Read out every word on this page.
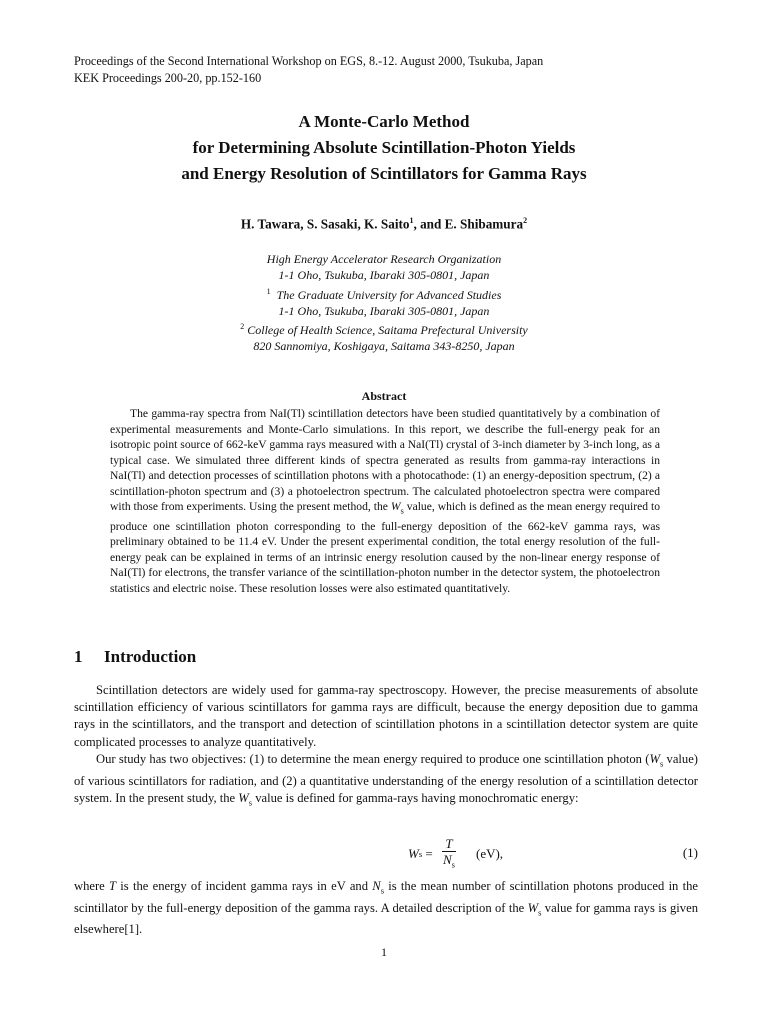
Proceedings of the Second International Workshop on EGS, 8.-12. August 2000, Tsukuba, Japan
KEK Proceedings 200-20, pp.152-160
A Monte-Carlo Method
for Determining Absolute Scintillation-Photon Yields
and Energy Resolution of Scintillators for Gamma Rays
H. Tawara, S. Sasaki, K. Saito$^1$, and E. Shibamura$^2$
High Energy Accelerator Research Organization
1-1 Oho, Tsukuba, Ibaraki 305-0801, Japan
$^1$ The Graduate University for Advanced Studies
1-1 Oho, Tsukuba, Ibaraki 305-0801, Japan
$^2$ College of Health Science, Saitama Prefectural University
820 Sannomiya, Koshigaya, Saitama 343-8250, Japan
Abstract

The gamma-ray spectra from NaI(Tl) scintillation detectors have been studied quantitatively by a combination of experimental measurements and Monte-Carlo simulations. In this report, we describe the full-energy peak for an isotropic point source of 662-keV gamma rays measured with a NaI(Tl) crystal of 3-inch diameter by 3-inch long, as a typical case. We simulated three different kinds of spectra generated as results from gamma-ray interactions in NaI(Tl) and detection processes of scintillation photons with a photocathode: (1) an energy-deposition spectrum, (2) a scintillation-photon spectrum and (3) a photoelectron spectrum. The calculated photoelectron spectra were compared with those from experiments. Using the present method, the $W_s$ value, which is defined as the mean energy required to produce one scintillation photon corresponding to the full-energy deposition of the 662-keV gamma rays, was preliminary obtained to be 11.4 eV. Under the present experimental condition, the total energy resolution of the full-energy peak can be explained in terms of an intrinsic energy resolution caused by the non-linear energy response of NaI(Tl) for electrons, the transfer variance of the scintillation-photon number in the detector system, the photoelectron statistics and electric noise. These resolution losses were also estimated quantitatively.

1 Introduction

Scintillation detectors are widely used for gamma-ray spectroscopy. However, the precise measurements of absolute scintillation efficiency of various scintillators for gamma rays are difficult, because the energy deposition due to gamma rays in the scintillators, and the transport and detection of scintillation photons in a scintillation detector system are quite complicated processes to analyze quantitatively.

Our study has two objectives: (1) to determine the mean energy required to produce one scintillation photon ($W_s$ value) of various scintillators for radiation, and (2) a quantitative understanding of the energy resolution of a scintillation detector system. In the present study, the $W_s$ value is defined for gamma-rays having monochromatic energy:

W $s = \frac{T}{N_s} (eV)$,	(1)

where T is the energy of incident gamma rays in eV and $N_s$ is the mean number of scintillation photons produced in the scintillator by the full-energy deposition of the gamma rays. A detailed description of the $W_s$ value for gamma rays is given elsewhere[1].

1
